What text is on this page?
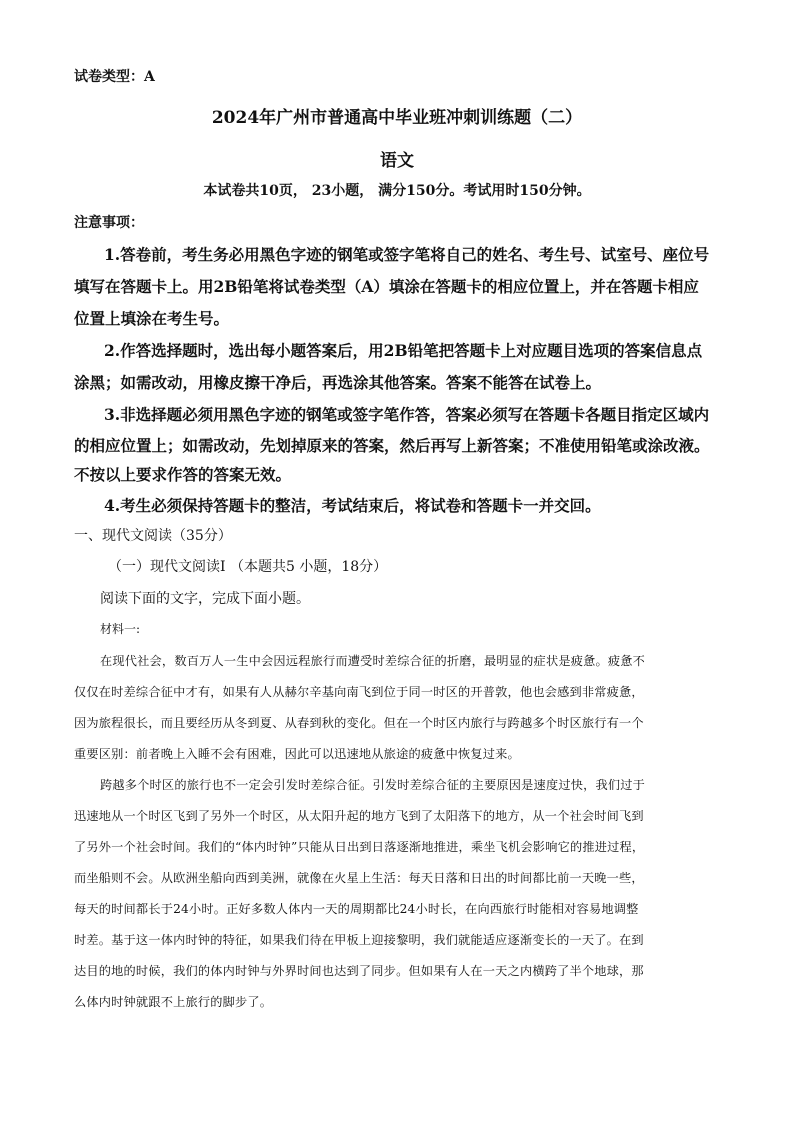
试卷类型：A
2024年广州市普通高中毕业班冲刺训练题（二）
语文
本试卷共10页， 23小题， 满分150分。考试用时150分钟。
注意事项：
1.答卷前，考生务必用黑色字迹的钢笔或签字笔将自己的姓名、考生号、试室号、座位号
填写在答题卡上。用2B铅笔将试卷类型（A）填涂在答题卡的相应位置上，并在答题卡相应
位置上填涂在考生号。
2.作答选择题时，选出每小题答案后，用2B铅笔把答题卡上对应题目选项的答案信息点
涂黑；如需改动，用橡皮擦干净后，再选涂其他答案。答案不能答在试卷上。
3.非选择题必须用黑色字迹的钢笔或签字笔作答，答案必须写在答题卡各题目指定区域内
的相应位置上；如需改动，先划掉原来的答案，然后再写上新答案；不准使用铅笔或涂改液。
不按以上要求作答的答案无效。
4.考生必须保持答题卡的整洁，考试结束后，将试卷和答题卡一并交回。
一、现代文阅读（35分）
（一）现代文阅读Ⅰ （本题共5 小题，18分）
阅读下面的文字，完成下面小题。
材料一:
在现代社会，数百万人一生中会因远程旅行而遭受时差综合征的折磨，最明显的症状是疲惫。疲惫不
仅仅在时差综合征中才有，如果有人从赫尔辛基向南飞到位于同一时区的开普敦，他也会感到非常疲惫，
因为旅程很长，而且要经历从冬到夏、从春到秋的变化。但在一个时区内旅行与跨越多个时区旅行有一个
重要区别：前者晚上入睡不会有困难，因此可以迅速地从旅途的疲惫中恢复过来。
跨越多个时区的旅行也不一定会引发时差综合征。引发时差综合征的主要原因是速度过快，我们过于
迅速地从一个时区飞到了另外一个时区，从太阳升起的地方飞到了太阳落下的地方，从一个社会时间飞到
了另外一个社会时间。我们的“体内时钟”只能从日出到日落逐渐地推进，乘坐飞机会影响它的推进过程，
而坐船则不会。从欧洲坐船向西到美洲，就像在火星上生活：每天日落和日出的时间都比前一天晚一些，
每天的时间都长于24小时。正好多数人体内一天的周期都比24小时长，在向西旅行时能相对容易地调整
时差。基于这一体内时钟的特征，如果我们待在甲板上迎接黎明，我们就能适应逐渐变长的一天了。在到
达目的地的时候，我们的体内时钟与外界时间也达到了同步。但如果有人在一天之内横跨了半个地球，那
么体内时钟就跟不上旅行的脚步了。
